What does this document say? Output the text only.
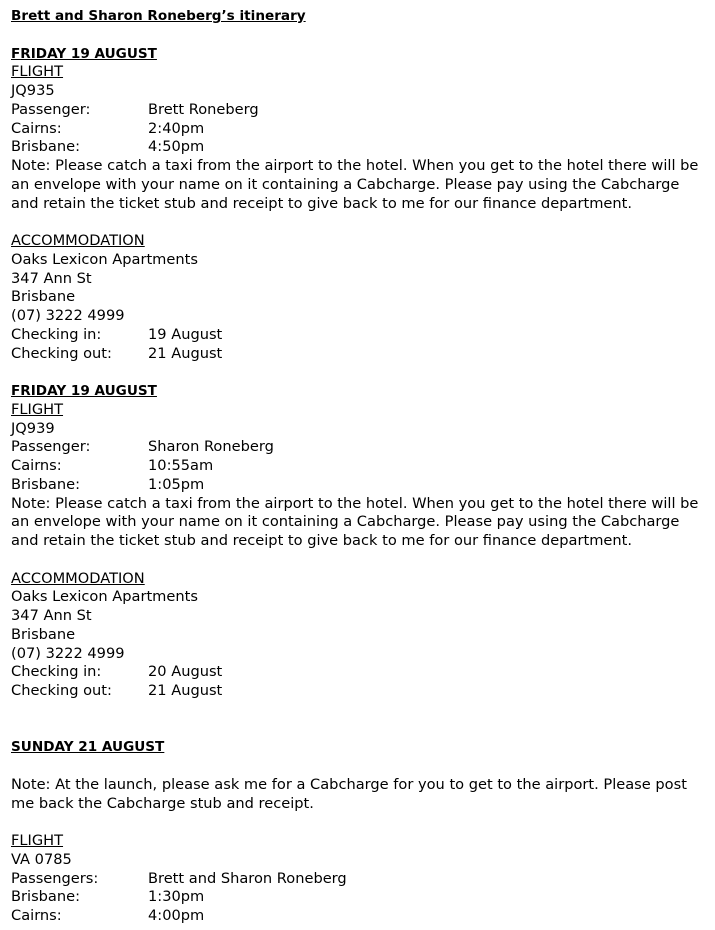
Brett and Sharon Roneberg’s itinerary
FRIDAY 19 AUGUST
FLIGHT
JQ935
Passenger:	Brett Roneberg
Cairns:	2:40pm
Brisbane:	4:50pm
Note: Please catch a taxi from the airport to the hotel. When you get to the hotel there will be an envelope with your name on it containing a Cabcharge. Please pay using the Cabcharge and retain the ticket stub and receipt to give back to me for our finance department.
ACCOMMODATION
Oaks Lexicon Apartments
347 Ann St
Brisbane
(07) 3222 4999
Checking in:	19 August
Checking out: 21 August
FRIDAY 19 AUGUST
FLIGHT
JQ939
Passenger:	Sharon Roneberg
Cairns:	10:55am
Brisbane:	1:05pm
Note: Please catch a taxi from the airport to the hotel. When you get to the hotel there will be an envelope with your name on it containing a Cabcharge. Please pay using the Cabcharge and retain the ticket stub and receipt to give back to me for our finance department.
ACCOMMODATION
Oaks Lexicon Apartments
347 Ann St
Brisbane
(07) 3222 4999
Checking in:	20 August
Checking out: 21 August
SUNDAY 21 AUGUST
Note: At the launch, please ask me for a Cabcharge for you to get to the airport. Please post me back the Cabcharge stub and receipt.
FLIGHT
VA 0785
Passengers:	Brett and Sharon Roneberg
Brisbane:	1:30pm
Cairns:	4:00pm
